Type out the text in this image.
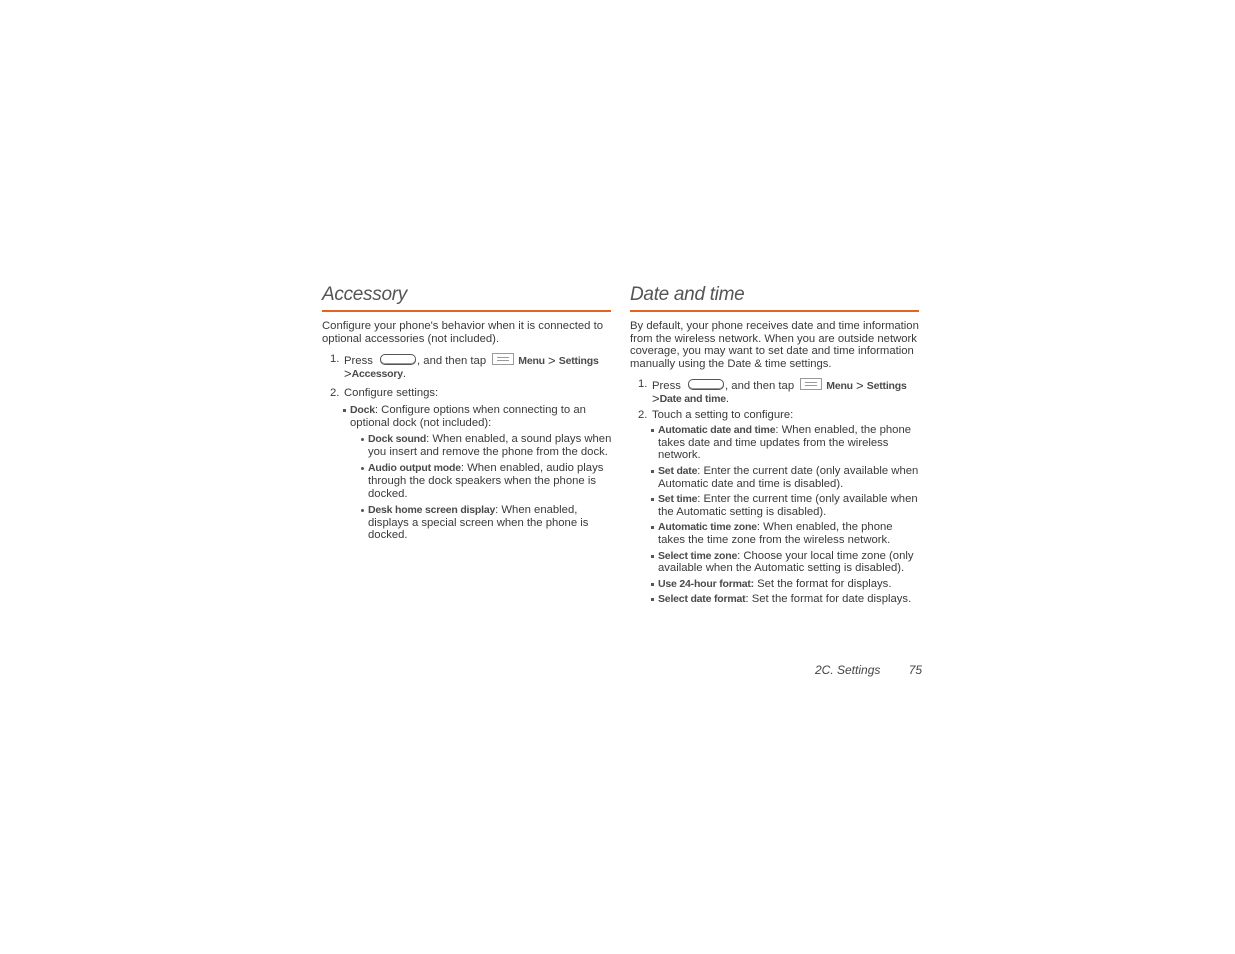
Accessory

Configure your phone's behavior when it is connected to optional accessories (not included).

1. Press	, and then tap	Menu > Settings
>Accessory.
2. Configure settings:
Dock: Configure options when connecting to an optional dock (not included):
Dock sound: When enabled, a sound plays when you insert and remove the phone from the dock.
Audio output mode: When enabled, audio plays through the dock speakers when the phone is docked.
Desk home screen display: When enabled, displays a special screen when the phone is docked.
Date and time

By default, your phone receives date and time information from the wireless network. When you are outside network coverage, you may want to set date and time information manually using the Date & time settings.

1. Press	, and then tap	Menu > Settings
>Date and time.
2. Touch a setting to configure:
Automatic date and time: When enabled, the phone takes date and time updates from the wireless network.
Set date: Enter the current date (only available when Automatic date and time is disabled).
Set time: Enter the current time (only available when the Automatic setting is disabled).
Automatic time zone: When enabled, the phone takes the time zone from the wireless network.
Select time zone: Choose your local time zone (only available when the Automatic setting is disabled).
Use 24-hour format: Set the format for displays.
Select date format: Set the format for date displays.
2C. Settings 75
